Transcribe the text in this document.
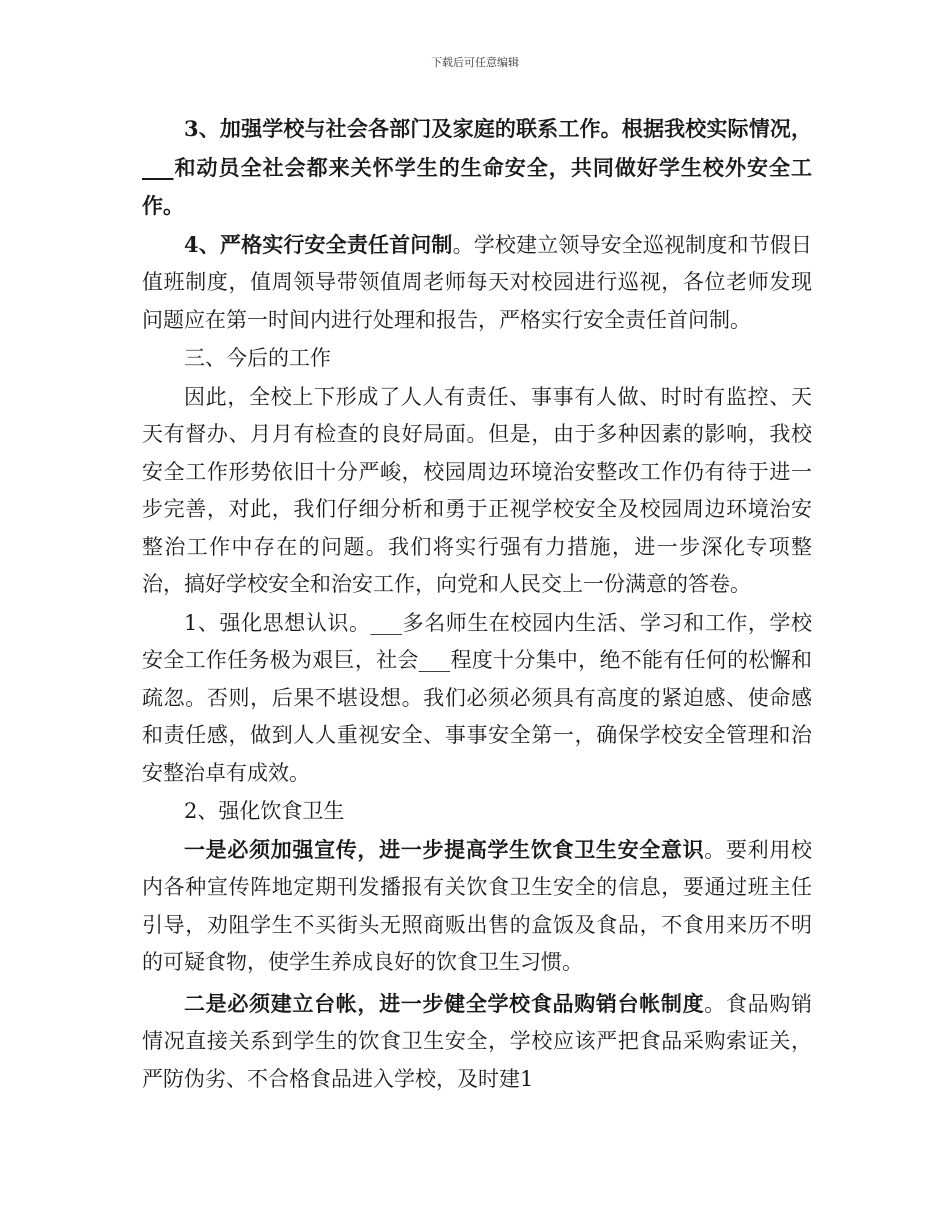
下载后可任意编辑

3、加强学校与社会各部门及家庭的联系工作。根据我校实际情况，___和动员全社会都来关怀学生的生命安全，共同做好学生校外安全工作。

4、严格实行安全责任首问制。学校建立领导安全巡视制度和节假日值班制度，值周领导带领值周老师每天对校园进行巡视，各位老师发现问题应在第一时间内进行处理和报告，严格实行安全责任首问制。

三、今后的工作

因此，全校上下形成了人人有责任、事事有人做、时时有监控、天天有督办、月月有检查的良好局面。但是，由于多种因素的影响，我校安全工作形势依旧十分严峻，校园周边环境治安整改工作仍有待于进一步完善，对此，我们仔细分析和勇于正视学校安全及校园周边环境治安整治工作中存在的问题。我们将实行强有力措施，进一步深化专项整治，搞好学校安全和治安工作，向党和人民交上一份满意的答卷。

1、强化思想认识。___多名师生在校园内生活、学习和工作，学校安全工作任务极为艰巨，社会___程度十分集中，绝不能有任何的松懈和疏忽。否则，后果不堪设想。我们必须必须具有高度的紧迫感、使命感和责任感，做到人人重视安全、事事安全第一，确保学校安全管理和治安整治卓有成效。

2、强化饮食卫生

一是必须加强宣传，进一步提高学生饮食卫生安全意识。要利用校内各种宣传阵地定期刊发播报有关饮食卫生安全的信息，要通过班主任引导，劝阻学生不买街头无照商贩出售的盒饭及食品，不食用来历不明的可疑食物，使学生养成良好的饮食卫生习惯。

二是必须建立台帐，进一步健全学校食品购销台帐制度。食品购销情况直接关系到学生的饮食卫生安全，学校应该严把食品采购索证关，严防伪劣、不合格食品进入学校，及时建1
